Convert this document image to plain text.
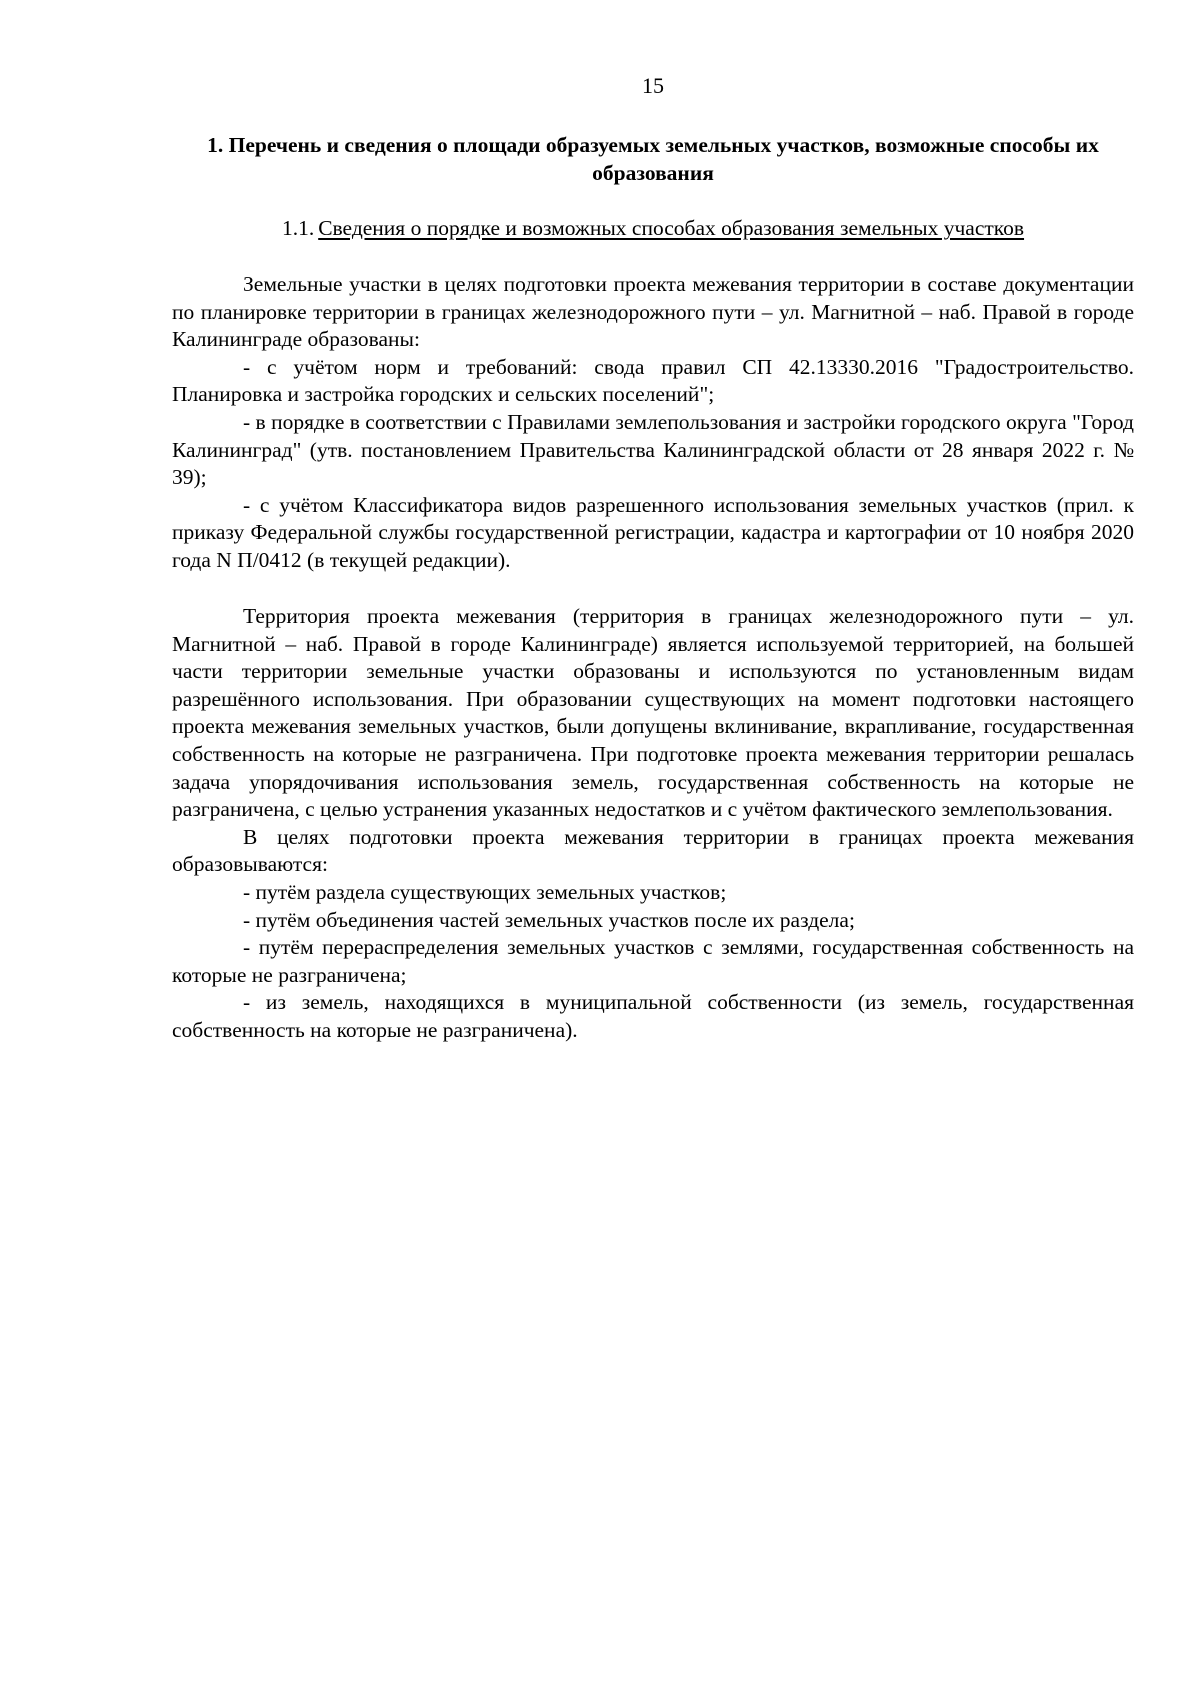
15
1. Перечень и сведения о площади образуемых земельных участков, возможные способы их образования
1.1. Сведения о порядке и возможных способах образования земельных участков

Земельные участки в целях подготовки проекта межевания территории в составе документации по планировке территории в границах железнодорожного пути – ул. Магнитной – наб. Правой в городе Калининграде образованы:

- с учётом норм и требований: свода правил СП 42.13330.2016 "Градостроительство. Планировка и застройка городских и сельских поселений";

- в порядке в соответствии с Правилами землепользования и застройки городского округа "Город Калининград" (утв. постановлением Правительства Калининградской области от 28 января 2022 г. № 39);

- с учётом Классификатора видов разрешенного использования земельных участков (прил. к приказу Федеральной службы государственной регистрации, кадастра и картографии от 10 ноября 2020 года N П/0412 (в текущей редакции).

Территория проекта межевания (территория в границах железнодорожного пути – ул. Магнитной – наб. Правой в городе Калининграде) является используемой территорией, на большей части территории земельные участки образованы и используются по установленным видам разрешённого использования. При образовании существующих на момент подготовки настоящего проекта межевания земельных участков, были допущены вклинивание, вкрапливание, государственная собственность на которые не разграничена. При подготовке проекта межевания территории решалась задача упорядочивания использования земель, государственная собственность на которые не разграничена, с целью устранения указанных недостатков и с учётом фактического землепользования.

В целях подготовки проекта межевания территории в границах проекта межевания образовываются:

- путём раздела существующих земельных участков;

- путём объединения частей земельных участков после их раздела;

- путём перераспределения земельных участков с землями, государственная собственность на которые не разграничена;

- из земель, находящихся в муниципальной собственности (из земель, государственная собственность на которые не разграничена).
